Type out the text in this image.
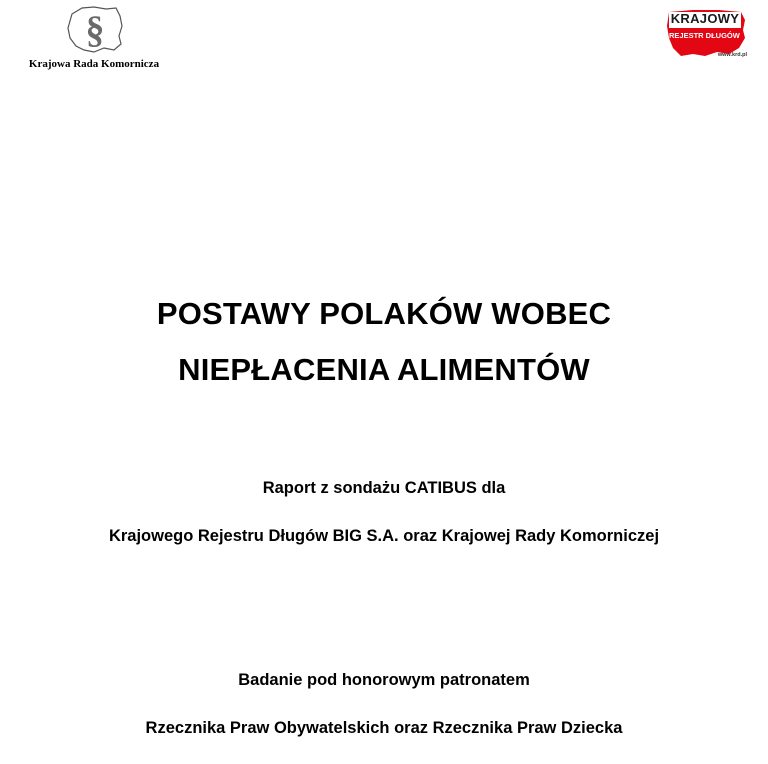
§
Krajowa Rada Komornicza
KRAJOWY
REJESTR DŁUGÓW
www.krd.pl
POSTAWY POLAKÓW WOBEC
NIEPŁACENIA ALIMENTÓW
Raport z sondażu CATIBUS dla
Krajowego Rejestru Długów BIG S.A. oraz Krajowej Rady Komorniczej
Badanie pod honorowym patronatem
Rzecznika Praw Obywatelskich oraz Rzecznika Praw Dziecka
